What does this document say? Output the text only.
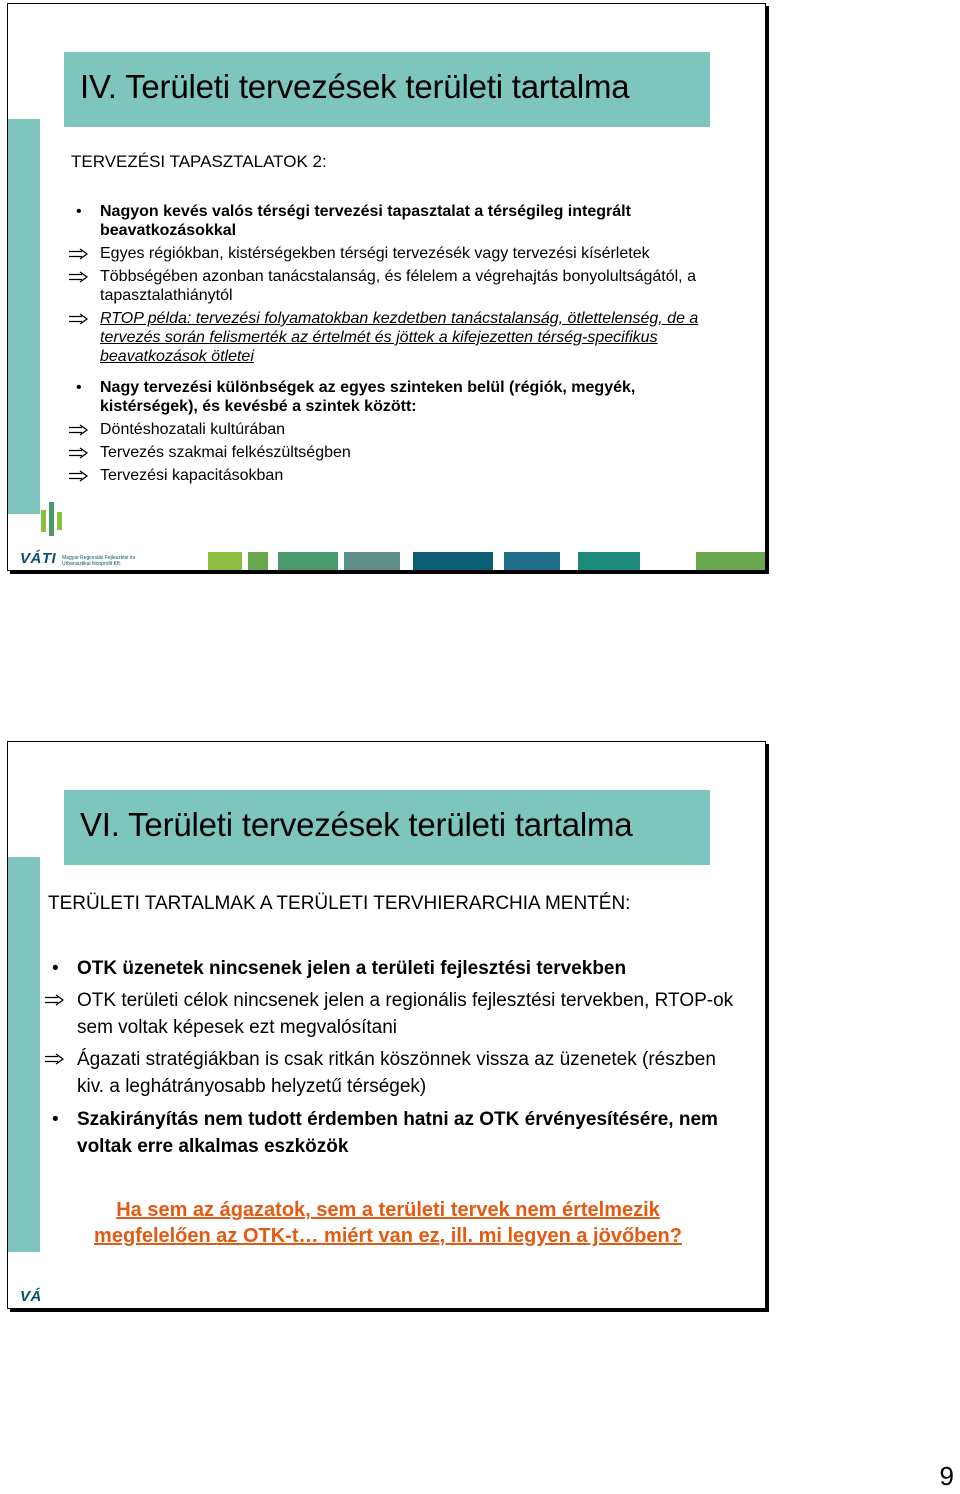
IV. Területi tervezések területi tartalma
TERVEZÉSI TAPASZTALATOK 2:
• Nagyon kevés valós térségi tervezési tapasztalat a térségileg integrált beavatkozásokkal
Egyes régiókban, kistérségekben térségi tervezésék vagy tervezési kísérletek
Többségében azonban tanácstalanság, és félelem a végrehajtás bonyolultságától, a tapasztalathiánytól
RTOP példa: tervezési folyamatokban kezdetben tanácstalanság, ötlettelenség, de a tervezés során felismerték az értelmét és jöttek a kifejezetten térség-specifikus beavatkozások ötletei
• Nagy tervezési különbségek az egyes szinteken belül (régiók, megyék, kistérségek), és kevésbé a szintek között:
Döntéshozatali kultúrában
Tervezés szakmai felkészültségben
Tervezési kapacitásokban
VÁTI Magyar Regionális Fejlesztési és Urbanisztikai Nonprofit Kft.
VI. Területi tervezések területi tartalma
TERÜLETI TARTALMAK A TERÜLETI TERVHIERARCHIA MENTÉN:
• OTK üzenetek nincsenek jelen a területi fejlesztési tervekben
OTK területi célok nincsenek jelen a regionális fejlesztési tervekben, RTOP-ok sem voltak képesek ezt megvalósítani
Ágazati stratégiákban is csak ritkán köszönnek vissza az üzenetek (részben kiv. a leghátrányosabb helyzetű térségek)
• Szakirányítás nem tudott érdemben hatni az OTK érvényesítésére, nem voltak erre alkalmas eszközök
Ha sem az ágazatok, sem a területi tervek nem értelmezik megfelelően az OTK-t… miért van ez, ill. mi legyen a jövőben?
VÁ
9
